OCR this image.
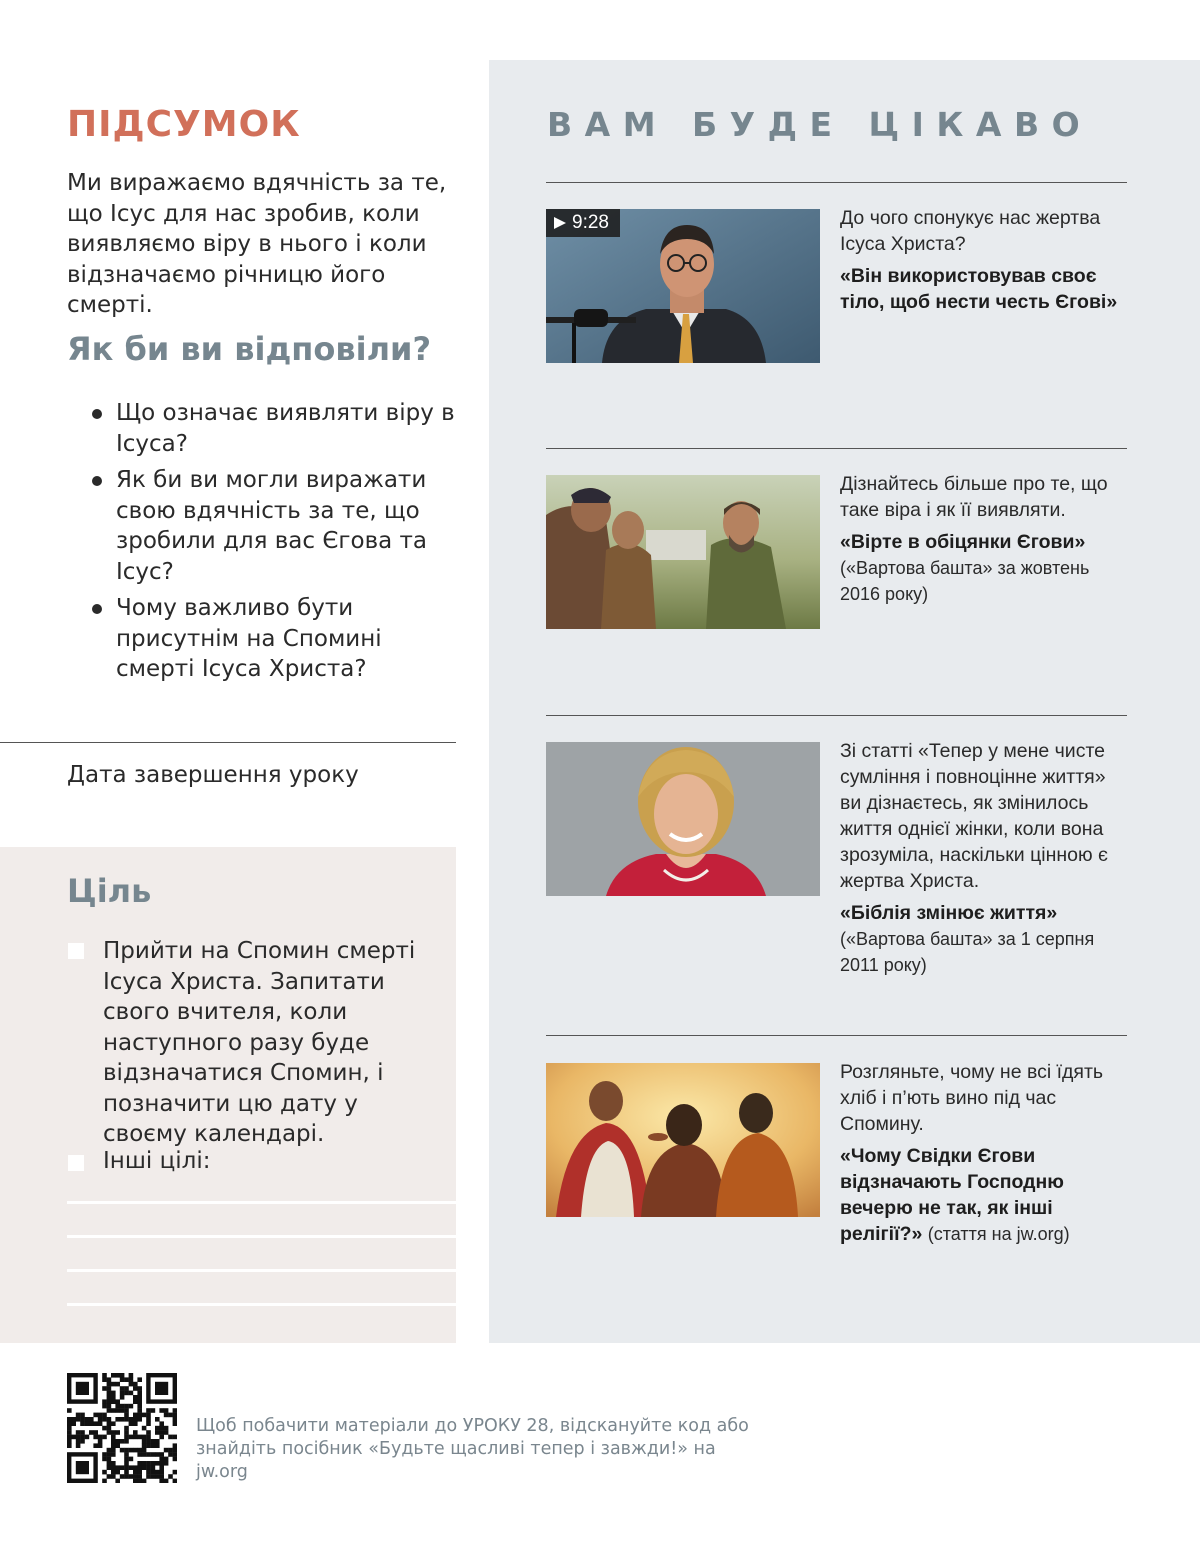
ПІДСУМОК
Ми виражаємо вдячність за те, що Ісус для нас зробив, коли виявляємо віру в нього і коли відзначаємо річницю його смерті.
Як би ви відповіли?
Що означає виявляти віру в Ісуса?
Як би ви могли виражати свою вдячність за те, що зробили для вас Єгова та Ісус?
Чому важливо бути присутнім на Спомині смерті Ісуса Христа?
Дата завершення уроку
Ціль
Прийти на Спомин смерті Ісуса Христа. Запитати свого вчителя, коли наступного разу буде відзначатися Спомин, і позначити цю дату у своєму календарі.
Інші цілі:
ВАМ БУДЕ ЦІКАВО
9:28	До чого спонукує нас жертва Ісуса Христа?
«Він використовував своє тіло, щоб нести честь Єгові»
Дізнайтесь більше про те, що таке віра і як її виявляти.
«Вірте в обіцянки Єгови»
(«Вартова башта» за жовтень 2016 року)
Зі статті «Тепер у мене чисте сумління і повноцінне життя» ви дізнаєтесь, як змінилось життя однієї жінки, коли вона зрозуміла, наскільки цінною є жертва Христа.
«Біблія змінює життя»
(«Вартова башта» за 1 серпня 2011 року)
Розгляньте, чому не всі їдять хліб і п’ють вино під час Спомину.
«Чому Свідки Єгови відзначають Господню вечерю не так, як інші релігії?» (стаття на jw.org)
Щоб побачити матеріали до УРОКУ 28, відскануйте код або знайдіть посібник «Будьте щасливі тепер і завжди!» на jw.org
